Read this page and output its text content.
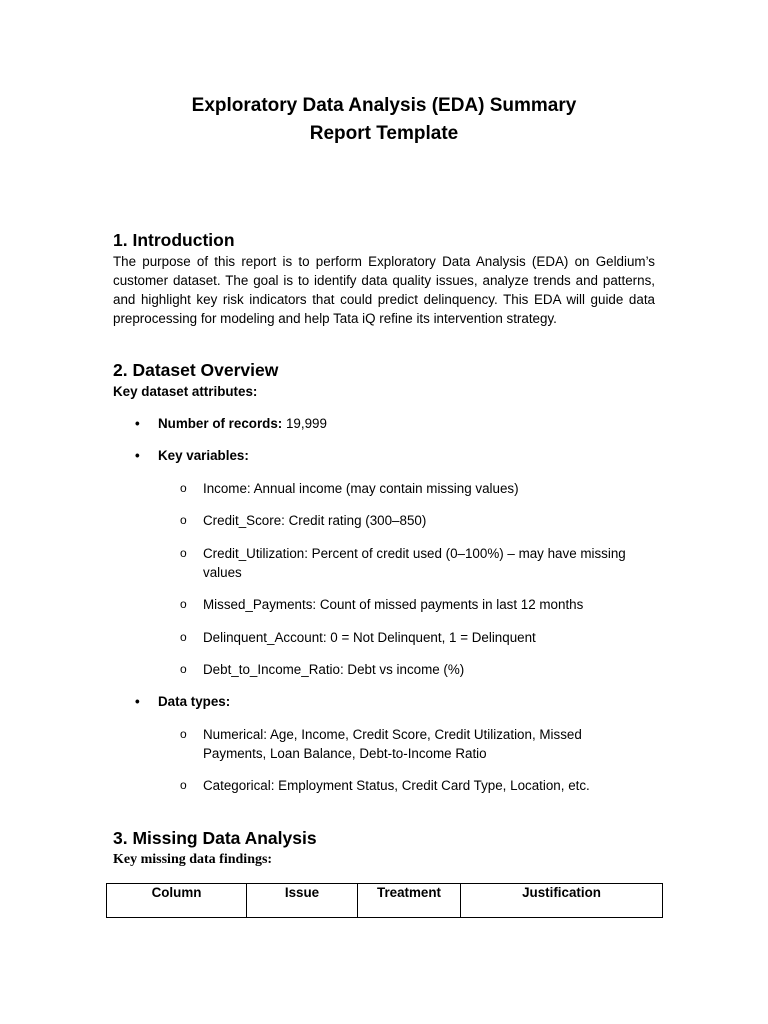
Exploratory Data Analysis (EDA) Summary
Report Template
1. Introduction

The purpose of this report is to perform Exploratory Data Analysis (EDA) on Geldium’s customer dataset. The goal is to identify data quality issues, analyze trends and patterns, and highlight key risk indicators that could predict delinquency. This EDA will guide data preprocessing for modeling and help Tata iQ refine its intervention strategy.

2. Dataset Overview

Key dataset attributes:

•	Number of records: 19,999
•	Key variables:
o Income: Annual income (may contain missing values)
o Credit_Score: Credit rating (300–850)
o Credit_Utilization: Percent of credit used (0–100%) – may have missing values
o Missed_Payments: Count of missed payments in last 12 months
o Delinquent_Account: 0 = Not Delinquent, 1 = Delinquent
o Debt_to_Income_Ratio: Debt vs income (%)
•	Data types:
o Numerical: Age, Income, Credit Score, Credit Utilization, Missed Payments, Loan Balance, Debt-to-Income Ratio
o Categorical: Employment Status, Credit Card Type, Location, etc.
3. Missing Data Analysis

Key missing data findings:

Column	Issue	Treatment	Justification
